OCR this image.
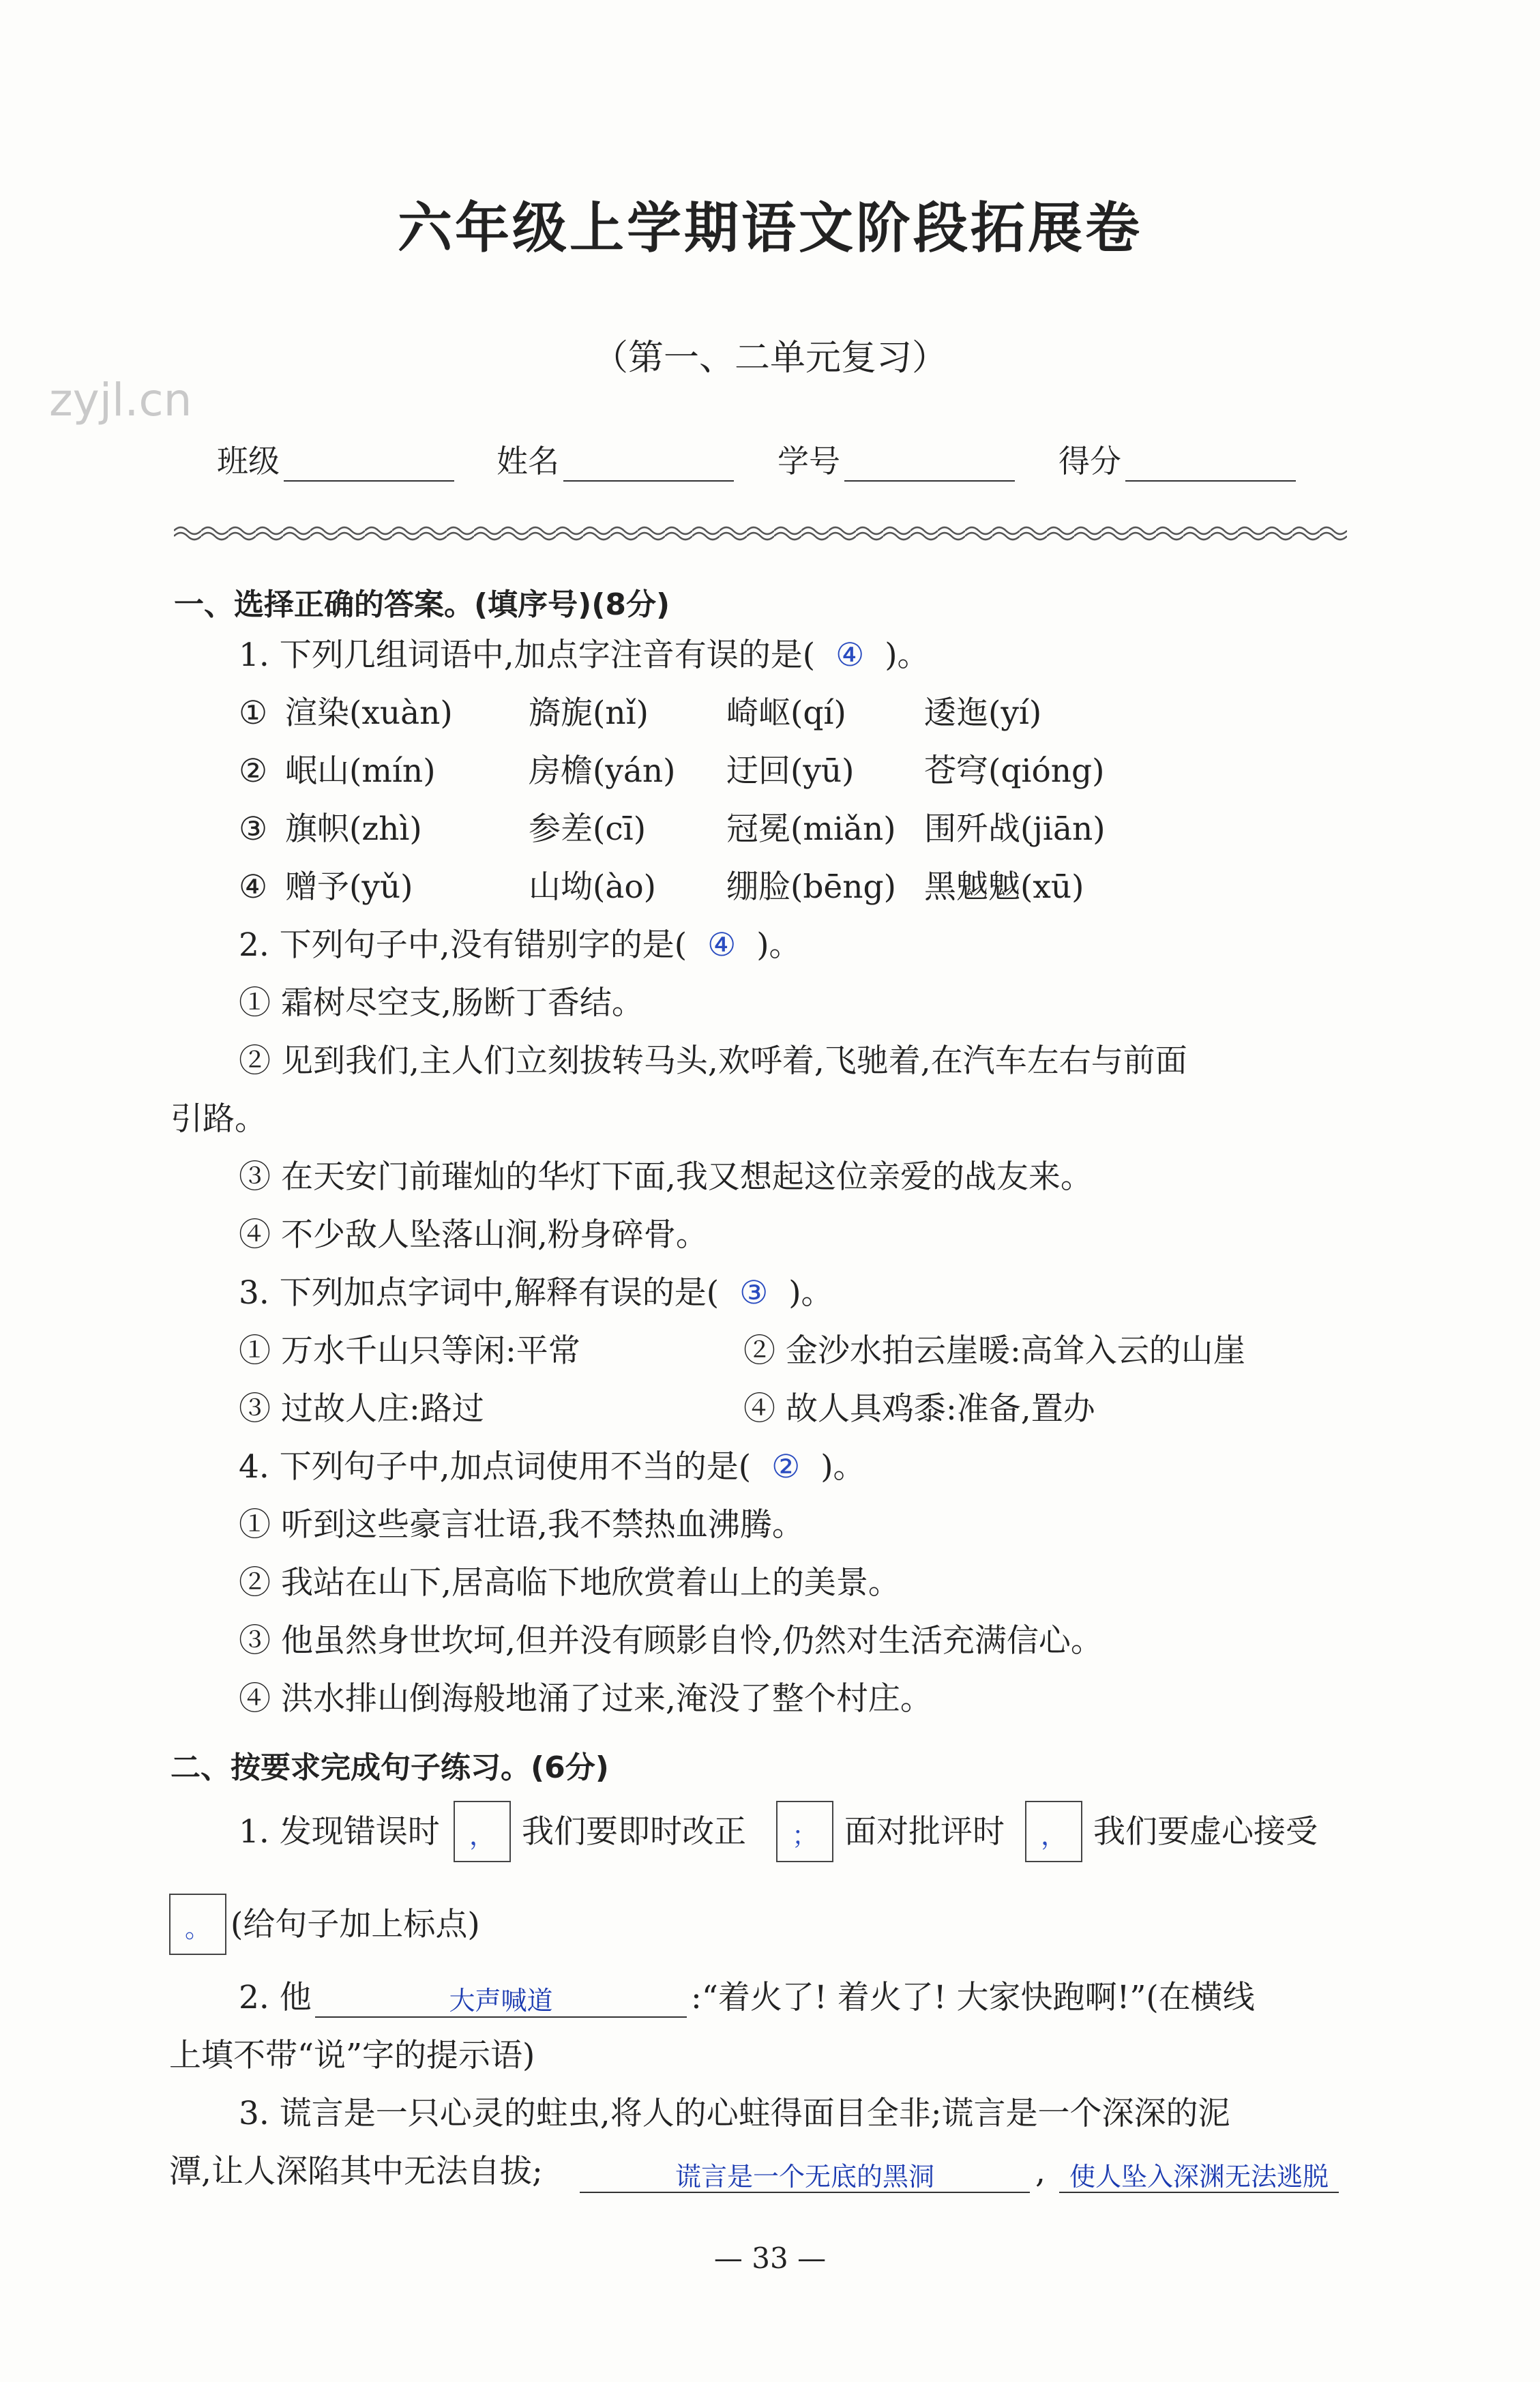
六年级上学期语文阶段拓展卷
（第一、二单元复习）
zyjl.cn
班级	姓名	学号	得分
一、选择正确的答案。(填序号)(8分)
1. 下列几组词语中,加点字注音有误的是( ④ )。
① 渲染(xuàn) 旖旎(nǐ) 崎岖(qí) 逶迤(yí)
② 岷山(mín)	房檐(yán) 迂回(yū) 苍穹(qióng)
③ 旗帜(zhì)	参差(cī)	冠冕(miǎn) 围歼战(jiān)
④ 赠予(yǔ)	山坳(ào) 绷脸(bēng) 黑魆魆(xū)
2. 下列句子中,没有错别字的是( ④ )。
① 霜树尽空支,肠断丁香结。
② 见到我们,主人们立刻拔转马头,欢呼着,飞驰着,在汽车左右与前面
引路。
③ 在天安门前璀灿的华灯下面,我又想起这位亲爱的战友来。
④ 不少敌人坠落山涧,粉身碎骨。
3. 下列加点字词中,解释有误的是( ③ )。
① 万水千山只等闲:平常	② 金沙水拍云崖暖:高耸入云的山崖
③ 过故人庄:路过	④ 故人具鸡黍:准备,置办
4. 下列句子中,加点词使用不当的是( ② )。
① 听到这些豪言壮语,我不禁热血沸腾。
② 我站在山下,居高临下地欣赏着山上的美景。
③ 他虽然身世坎坷,但并没有顾影自怜,仍然对生活充满信心。
④ 洪水排山倒海般地涌了过来,淹没了整个村庄。
二、按要求完成句子练习。(6分)
1. 发现错误时	， 我们要即时改正	； 面对批评时	， 我们要虚心接受
。 (给句子加上标点)
2. 他	大声喊道	:“着火了! 着火了! 大家快跑啊!”(在横线
上填不带“说”字的提示语)
3. 谎言是一只心灵的蛀虫,将人的心蛀得面目全非;谎言是一个深深的泥
潭,让人深陷其中无法自拔;	谎言是一个无底的黑洞	, 使人坠入深渊无法逃脱
— 33 —
